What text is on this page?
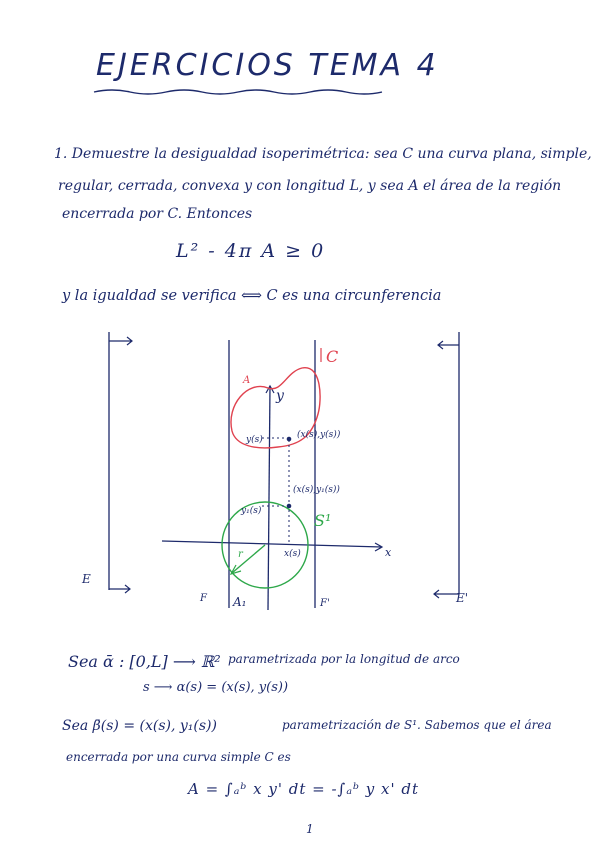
EJERCICIOS TEMA 4
1. Demuestre la desigualdad isoperimétrica: sea C una curva plana, simple,
regular, cerrada, convexa y con longitud L, y sea A el área de la región
encerrada por C. Entonces
L² - 4π A ≥ 0
y la igualdad se verifica ⟺ C es una circunferencia
C
A
S¹
y
y(s)	(x(s),y(s))
(x(s),y₁(s))
y₁(s)
x(s)	x
r
E
E'
F	F'
A₁
Sea ᾱ : [0,L] ⟶ ℝ² parametrizada por la longitud de arco
s ⟶ α(s) = (x(s), y(s))
Sea β̄(s) = (x(s), y₁(s))	parametrización de S¹. Sabemos que el área
encerrada por una curva simple C es
A = ∫ₐᵇ x y' dt = -∫ₐᵇ y x' dt
1
